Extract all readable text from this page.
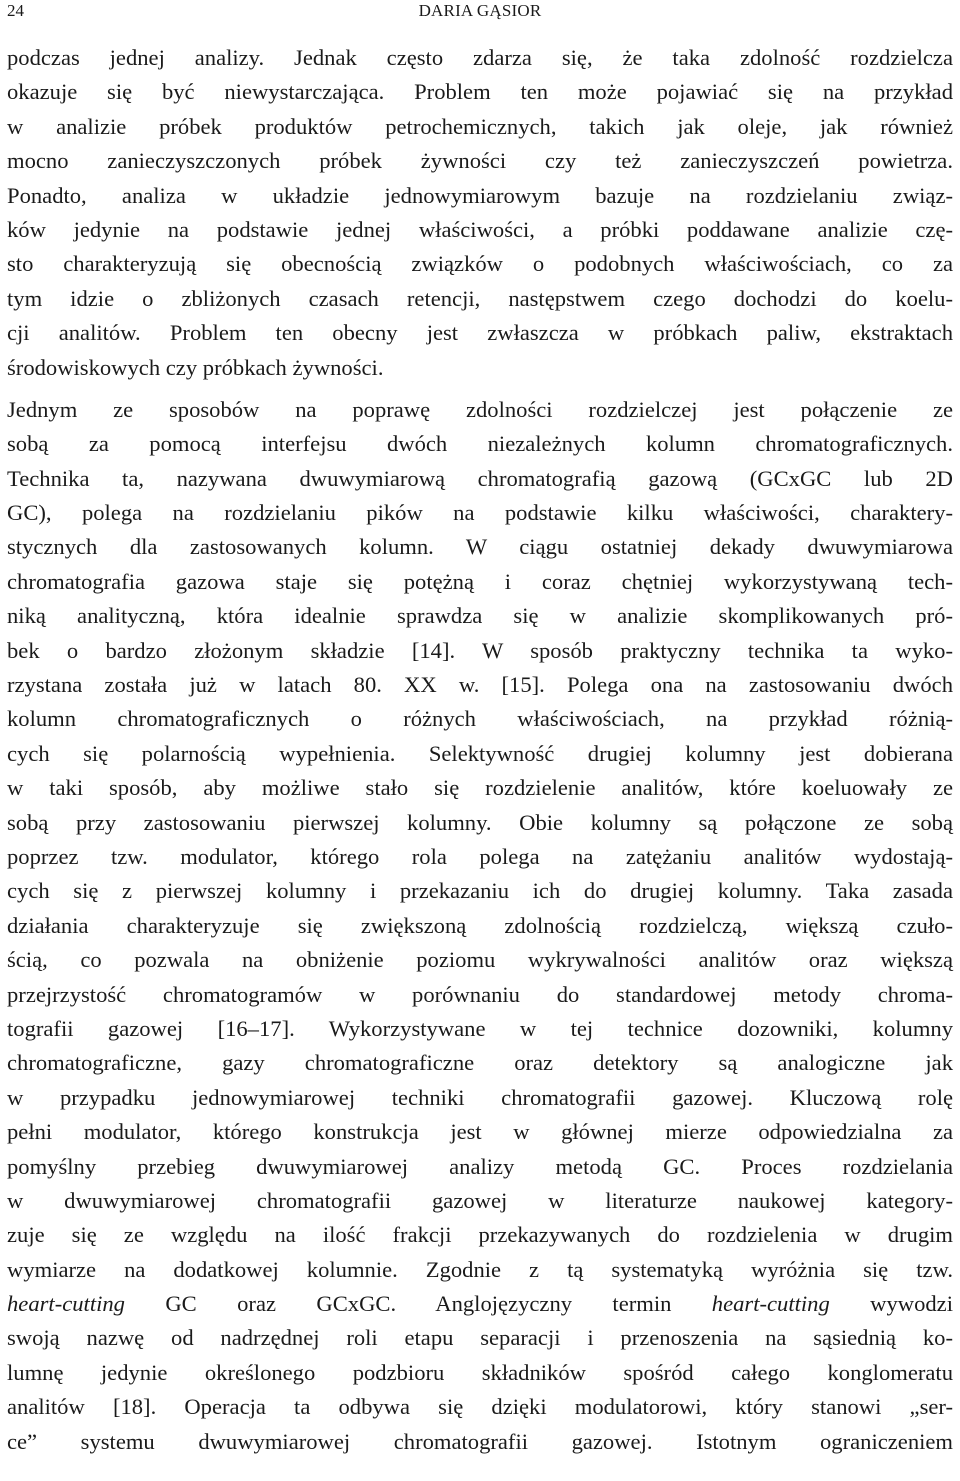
24	DARIA GĄSIOR

podczas jednej analizy. Jednak często zdarza się, że taka zdolność rozdzielcza
okazuje się być niewystarczająca. Problem ten może pojawiać się na przykład
w analizie próbek produktów petrochemicznych, takich jak oleje, jak również
mocno zanieczyszczonych próbek żywności czy też zanieczyszczeń powietrza.
Ponadto, analiza w układzie jednowymiarowym bazuje na rozdzielaniu związ-
ków jedynie na podstawie jednej właściwości, a próbki poddawane analizie czę-
sto charakteryzują się obecnością związków o podobnych właściwościach, co za
tym idzie o zbliżonych czasach retencji, następstwem czego dochodzi do koelu-
cji analitów. Problem ten obecny jest zwłaszcza w próbkach paliw, ekstraktach
środowiskowych czy próbkach żywności.

Jednym ze sposobów na poprawę zdolności rozdzielczej jest połączenie ze
sobą za pomocą interfejsu dwóch niezależnych kolumn chromatograficznych.
Technika ta, nazywana dwuwymiarową chromatografią gazową (GCxGC lub 2D
GC), polega na rozdzielaniu pików na podstawie kilku właściwości, charaktery-
stycznych dla zastosowanych kolumn. W ciągu ostatniej dekady dwuwymiarowa
chromatografia gazowa staje się potężną i coraz chętniej wykorzystywaną tech-
niką analityczną, która idealnie sprawdza się w analizie skomplikowanych pró-
bek o bardzo złożonym składzie [14]. W sposób praktyczny technika ta wyko-
rzystana została już w latach 80. XX w. [15]. Polega ona na zastosowaniu dwóch
kolumn chromatograficznych o różnych właściwościach, na przykład różnią-
cych się polarnością wypełnienia. Selektywność drugiej kolumny jest dobierana
w taki sposób, aby możliwe stało się rozdzielenie analitów, które koeluowały ze
sobą przy zastosowaniu pierwszej kolumny. Obie kolumny są połączone ze sobą
poprzez tzw. modulator, którego rola polega na zatężaniu analitów wydostają-
cych się z pierwszej kolumny i przekazaniu ich do drugiej kolumny. Taka zasada
działania charakteryzuje się zwiększoną zdolnością rozdzielczą, większą czuło-
ścią, co pozwala na obniżenie poziomu wykrywalności analitów oraz większą
przejrzystość chromatogramów w porównaniu do standardowej metody chroma-
tografii gazowej [16–17]. Wykorzystywane w tej technice dozowniki, kolumny
chromatograficzne, gazy chromatograficzne oraz detektory są analogiczne jak
w przypadku jednowymiarowej techniki chromatografii gazowej. Kluczową rolę
pełni modulator, którego konstrukcja jest w głównej mierze odpowiedzialna za
pomyślny przebieg dwuwymiarowej analizy metodą GC. Proces rozdzielania
w dwuwymiarowej chromatografii gazowej w literaturze naukowej kategory-
zuje się ze względu na ilość frakcji przekazywanych do rozdzielenia w drugim
wymiarze na dodatkowej kolumnie. Zgodnie z tą systematyką wyróżnia się tzw.
heart-cutting GC oraz GCxGC. Anglojęzyczny termin heart-cutting wywodzi
swoją nazwę od nadrzędnej roli etapu separacji i przenoszenia na sąsiednią ko-
lumnę jedynie określonego podzbioru składników spośród całego konglomeratu
analitów [18]. Operacja ta odbywa się dzięki modulatorowi, który stanowi „ser-
ce” systemu dwuwymiarowej chromatografii gazowej. Istotnym ograniczeniem
